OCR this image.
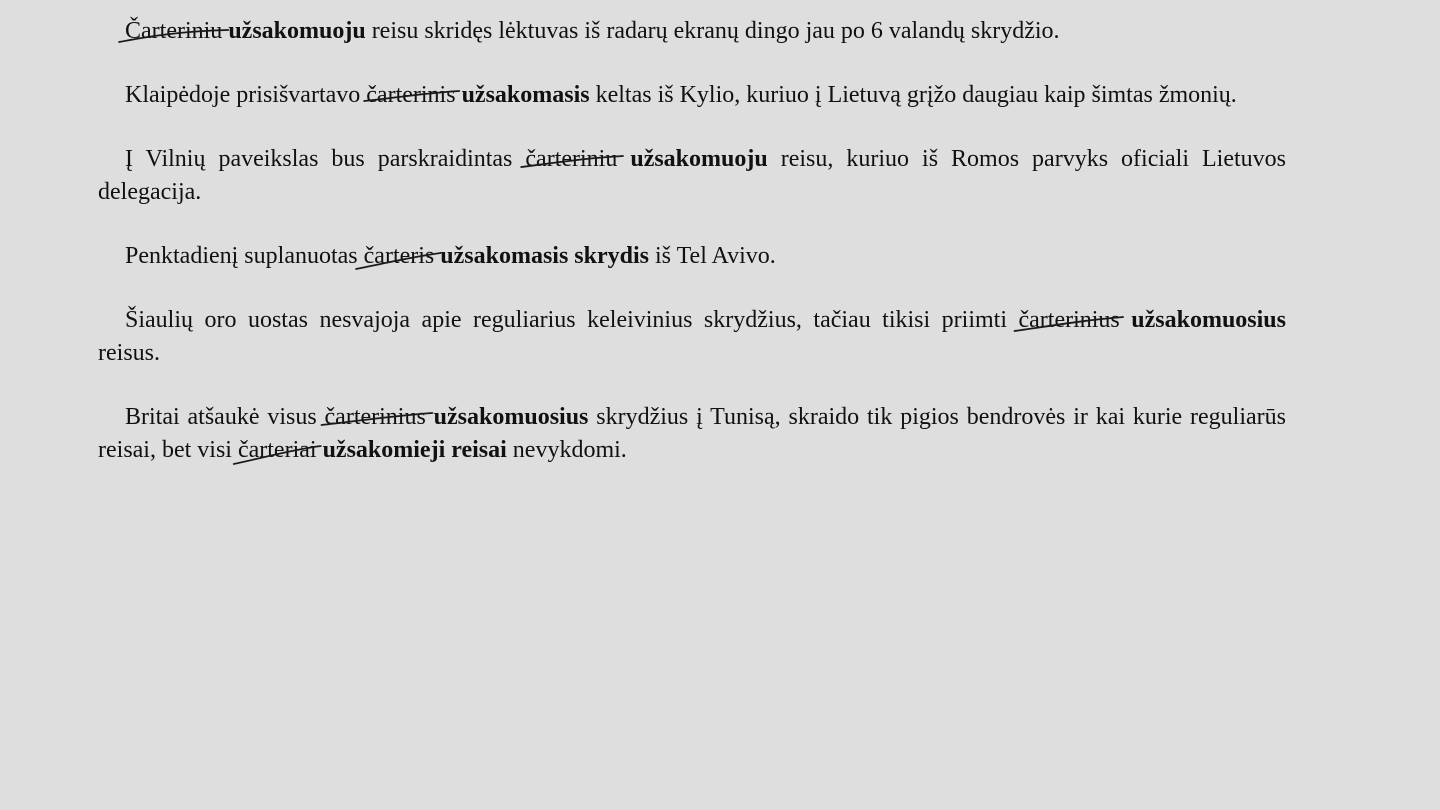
Čarteriniu užsakomuoju reisu skridęs lėktuvas iš radarų ekranų dingo jau po 6 valandų skrydžio.

Klaipėdoje prisišvartavo čarterinis užsakomasis keltas iš Kylio, kuriuo į Lietuvą grįžo daugiau kaip šimtas žmonių.

Į Vilnių paveikslas bus parskraidintas čarteriniu užsakomuoju reisu, kuriuo iš Romos parvyks oficiali Lietuvos delegacija.

Penktadienį suplanuotas čarteris užsakomasis skrydis iš Tel Avivo.

Šiaulių oro uostas nesvajoja apie reguliarius keleivinius skrydžius, tačiau tikisi priimti čarterinius užsakomuosius reisus.

Britai atšaukė visus čarterinius užsakomuosius skrydžius į Tunisą, skraido tik pigios bendrovės ir kai kurie reguliarūs reisai, bet visi čarteriai užsakomieji reisai nevykdomi.
